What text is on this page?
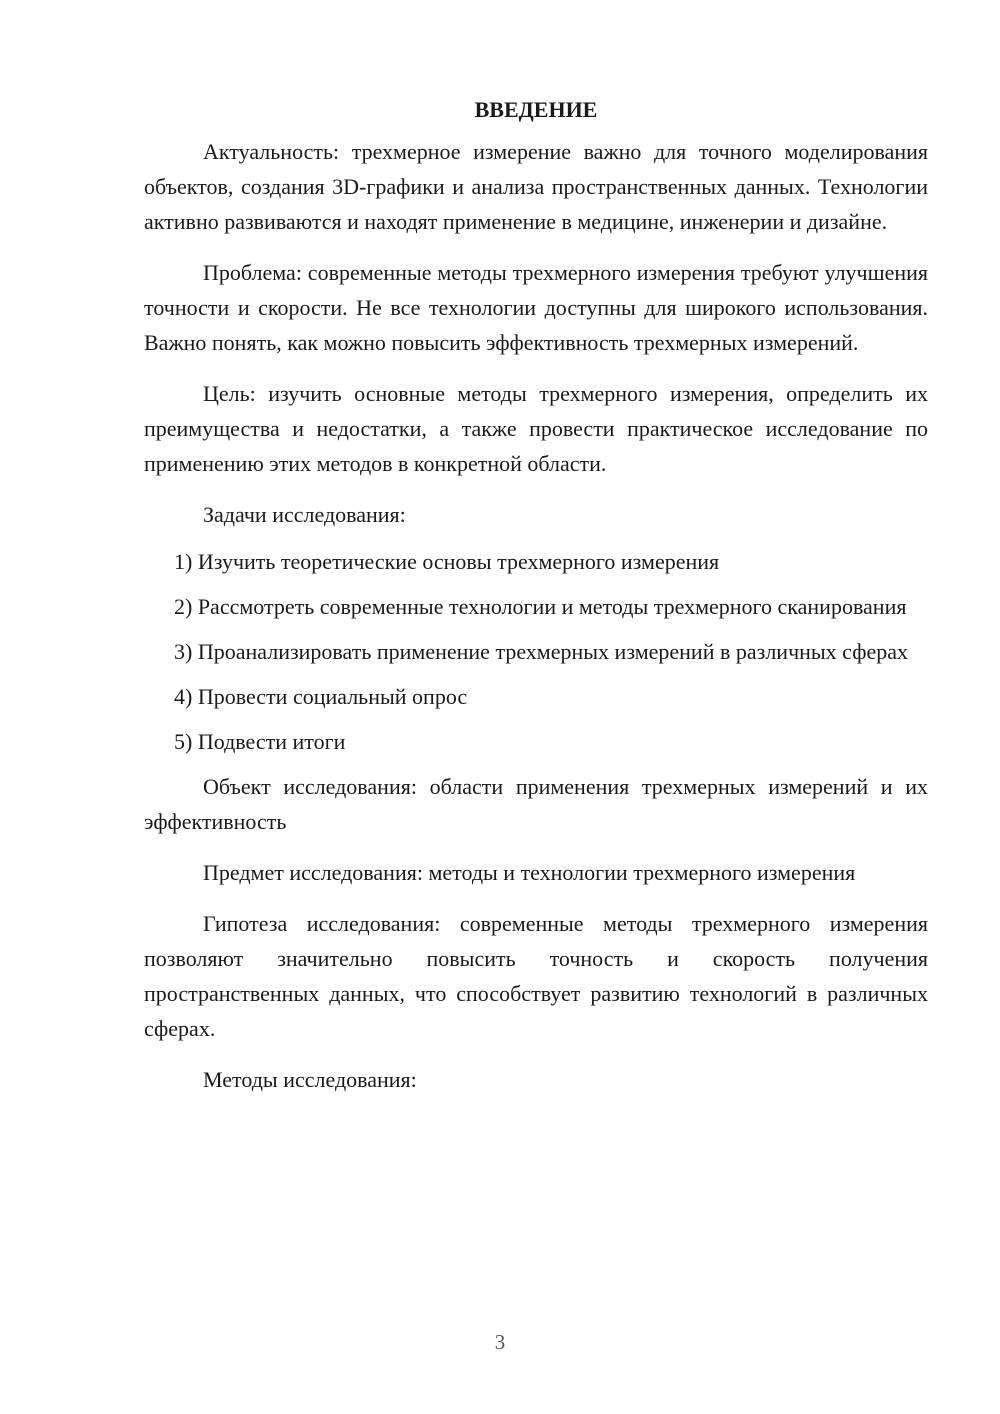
ВВЕДЕНИЕ

Актуальность: трехмерное измерение важно для точного моделирования объектов, создания 3D-графики и анализа пространственных данных. Технологии активно развиваются и находят применение в медицине, инженерии и дизайне.

Проблема: современные методы трехмерного измерения требуют улучшения точности и скорости. Не все технологии доступны для широкого использования. Важно понять, как можно повысить эффективность трехмерных измерений.

Цель: изучить основные методы трехмерного измерения, определить их преимущества и недостатки, а также провести практическое исследование по применению этих методов в конкретной области.

Задачи исследования:

1) Изучить теоретические основы трехмерного измерения

2) Рассмотреть современные технологии и методы трехмерного сканирования

3) Проанализировать применение трехмерных измерений в различных сферах

4) Провести социальный опрос

5) Подвести итоги

Объект исследования: области применения трехмерных измерений и их эффективность

Предмет исследования: методы и технологии трехмерного измерения

Гипотеза исследования: современные методы трехмерного измерения позволяют значительно повысить точность и скорость получения пространственных данных, что способствует развитию технологий в различных сферах.

Методы исследования:

3
